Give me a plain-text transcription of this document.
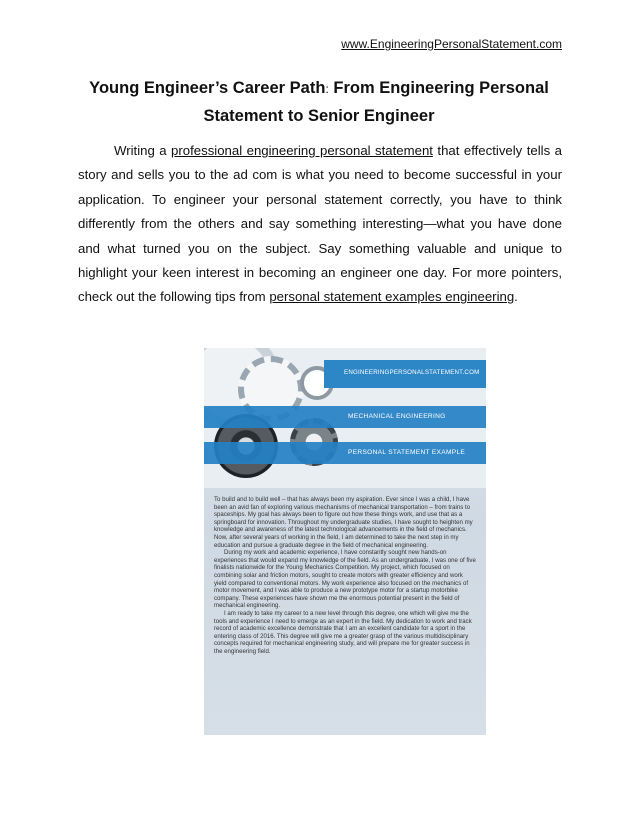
www.EngineeringPersonalStatement.com
Young Engineer’s Career Path: From Engineering Personal
Statement to Senior Engineer
Writing a professional engineering personal statement that effectively tells a story and sells you to the ad com is what you need to become successful in your application. To engineer your personal statement correctly, you have to think differently from the others and say something interesting—what you have done and what turned you on the subject. Say something valuable and unique to highlight your keen interest in becoming an engineer one day. For more pointers, check out the following tips from personal statement examples engineering.
ENGINEERINGPERSONALSTATEMENT.COM
MECHANICAL ENGINEERING
PERSONAL STATEMENT EXAMPLE

To build and to build well – that has always been my aspiration. Ever since I was a child, I have been an avid fan of exploring various mechanisms of mechanical transportation – from trains to spaceships. My goal has always been to figure out how these things work, and use that as a springboard for innovation. Throughout my undergraduate studies, I have sought to heighten my knowledge and awareness of the latest technological advancements in the field of mechanics. Now, after several years of working in the field, I am determined to take the next step in my education and pursue a graduate degree in the field of mechanical engineering.

During my work and academic experience, I have constantly sought new hands-on experiences that would expand my knowledge of the field. As an undergraduate, I was one of five finalists nationwide for the Young Mechanics Competition. My project, which focused on combining solar and friction motors, sought to create motors with greater efficiency and work yield compared to conventional motors. My work experience also focused on the mechanics of motor movement, and I was able to produce a new prototype motor for a startup motorbike company. These experiences have shown me the enormous potential present in the field of mechanical engineering.

I am ready to take my career to a new level through this degree, one which will give me the tools and experience I need to emerge as an expert in the field. My dedication to work and track record of academic excellence demonstrate that I am an excellent candidate for a sport in the entering class of 2016. This degree will give me a greater grasp of the various multidisciplinary concepts required for mechanical engineering study, and will prepare me for greater success in the engineering field.
